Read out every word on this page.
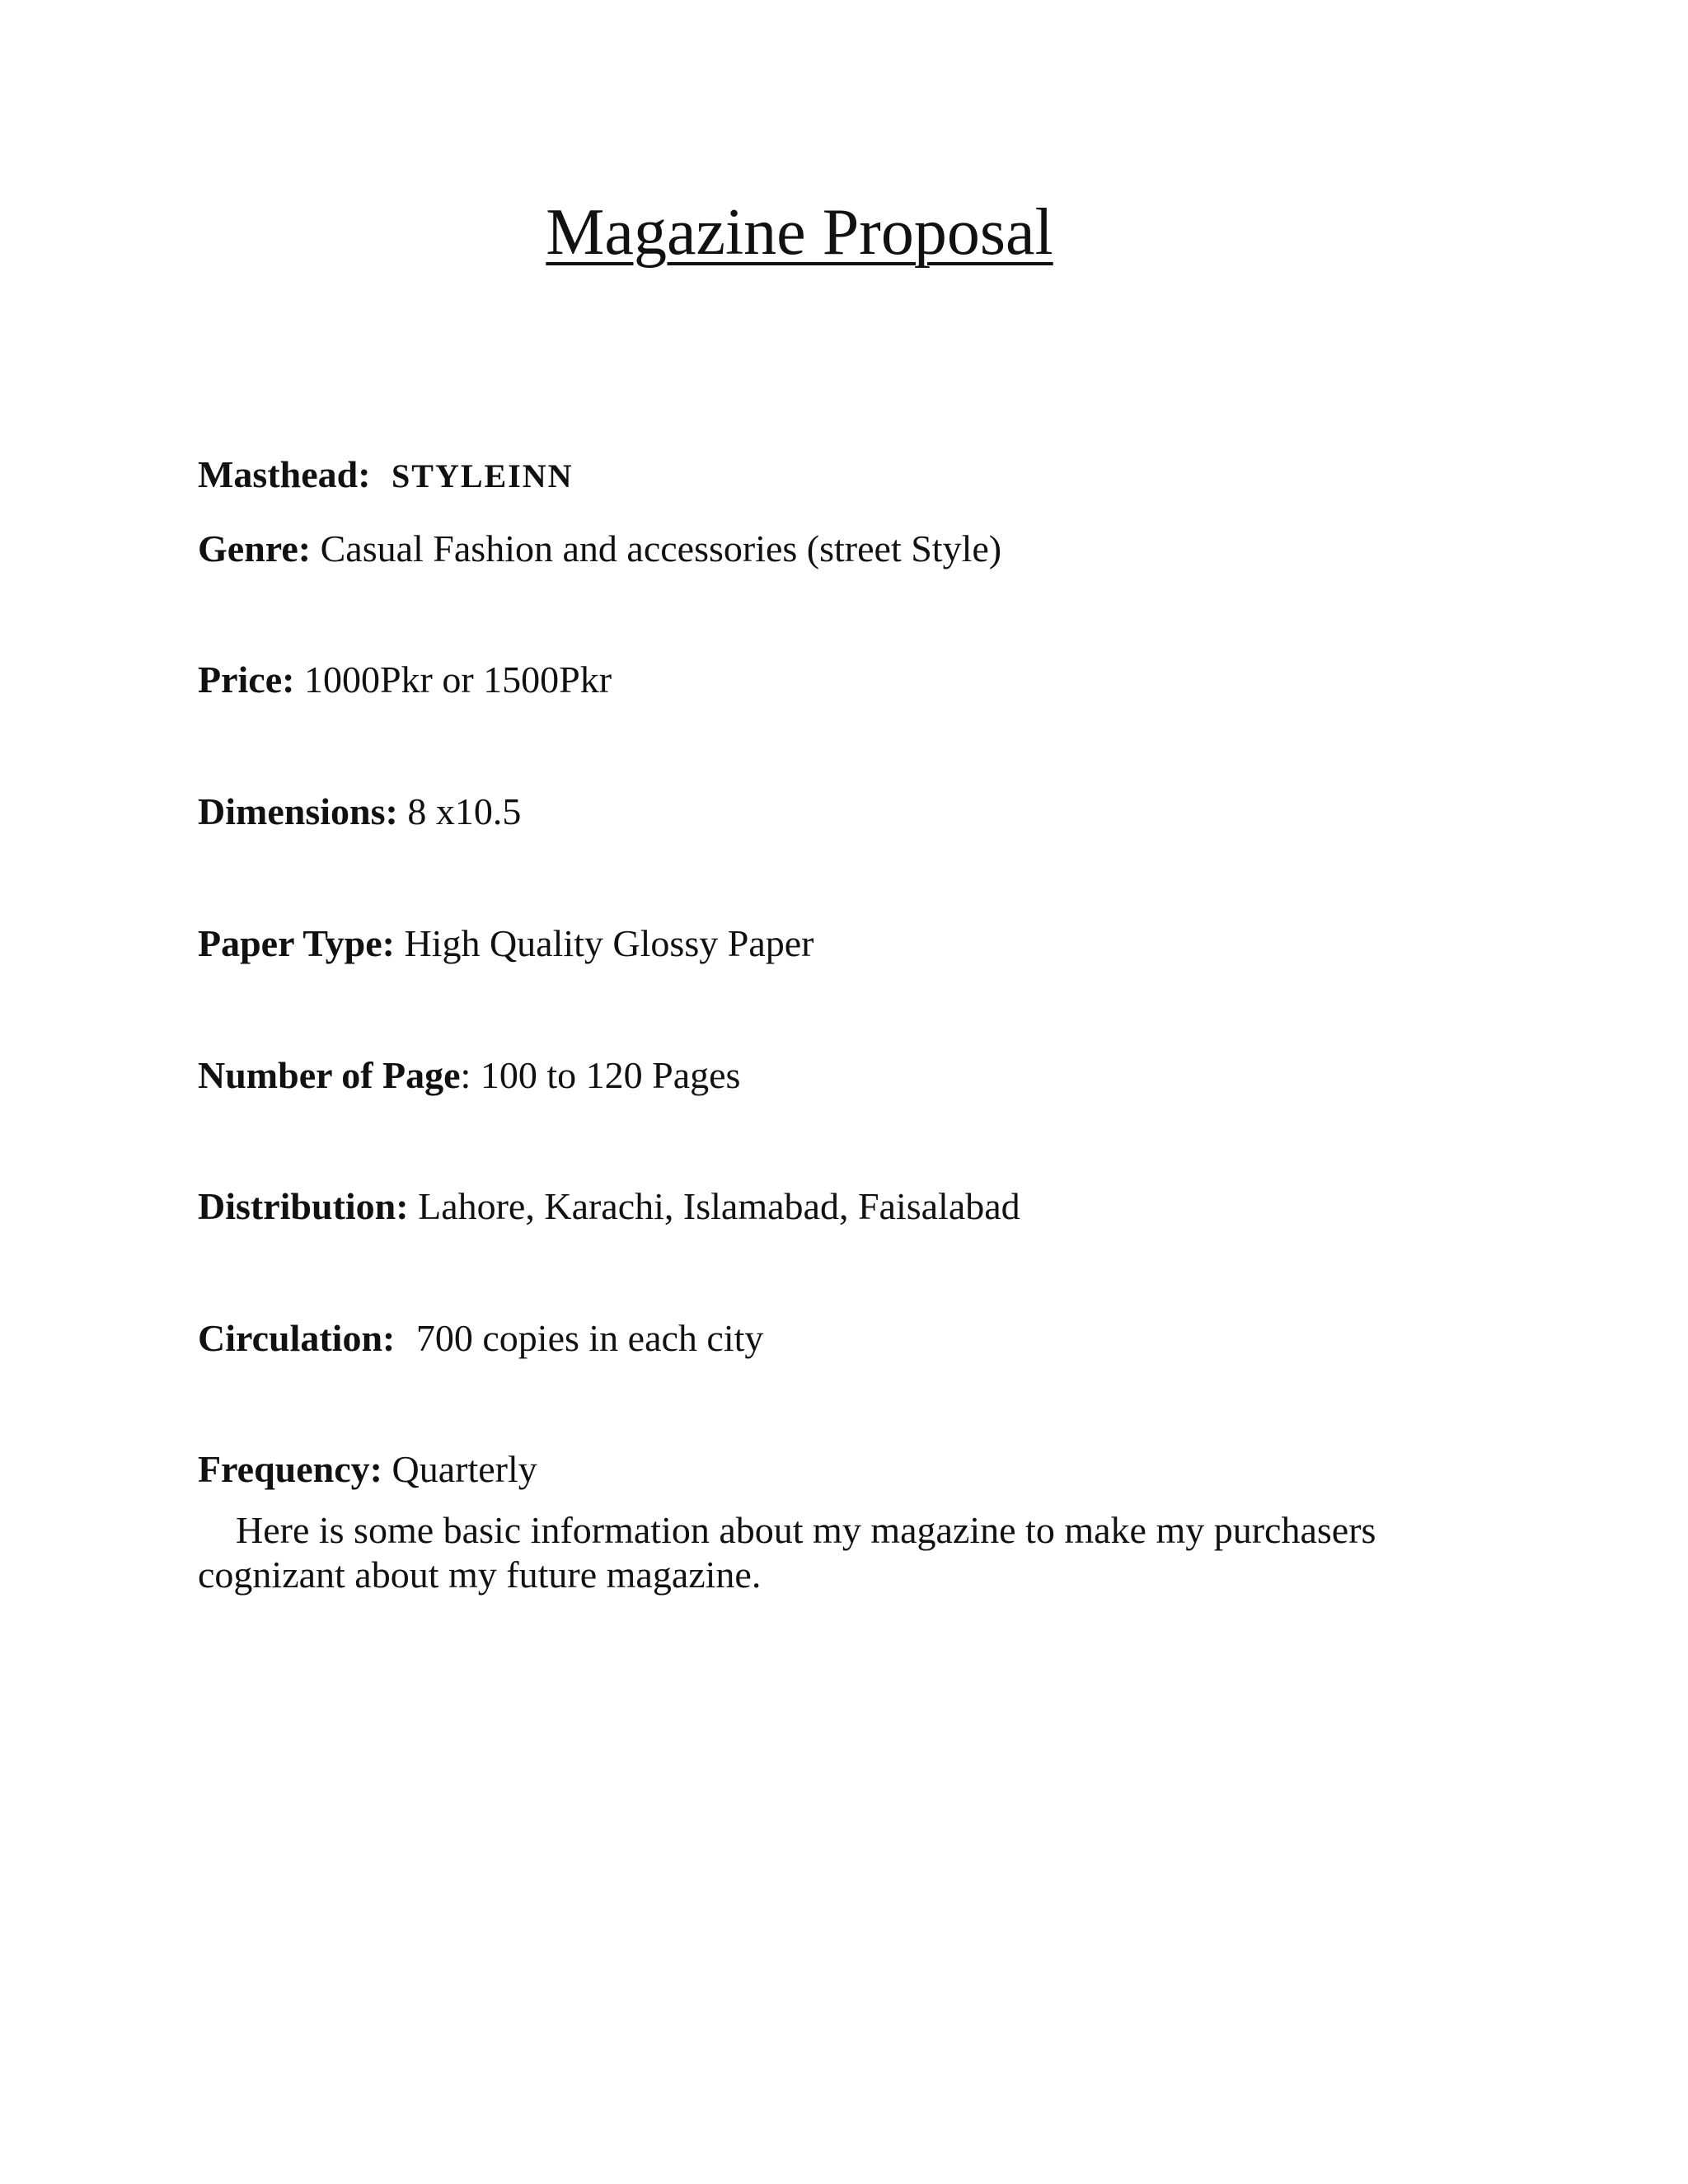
Magazine Proposal

Masthead: STYLEINN

Genre: Casual Fashion and accessories (street Style)

Price: 1000Pkr or 1500Pkr

Dimensions: 8 x10.5

Paper Type: High Quality Glossy Paper

Number of Page: 100 to 120 Pages

Distribution: Lahore, Karachi, Islamabad, Faisalabad

Circulation: 700 copies in each city

Frequency: Quarterly

Here is some basic information about my magazine to make my purchasers
cognizant about my future magazine.
